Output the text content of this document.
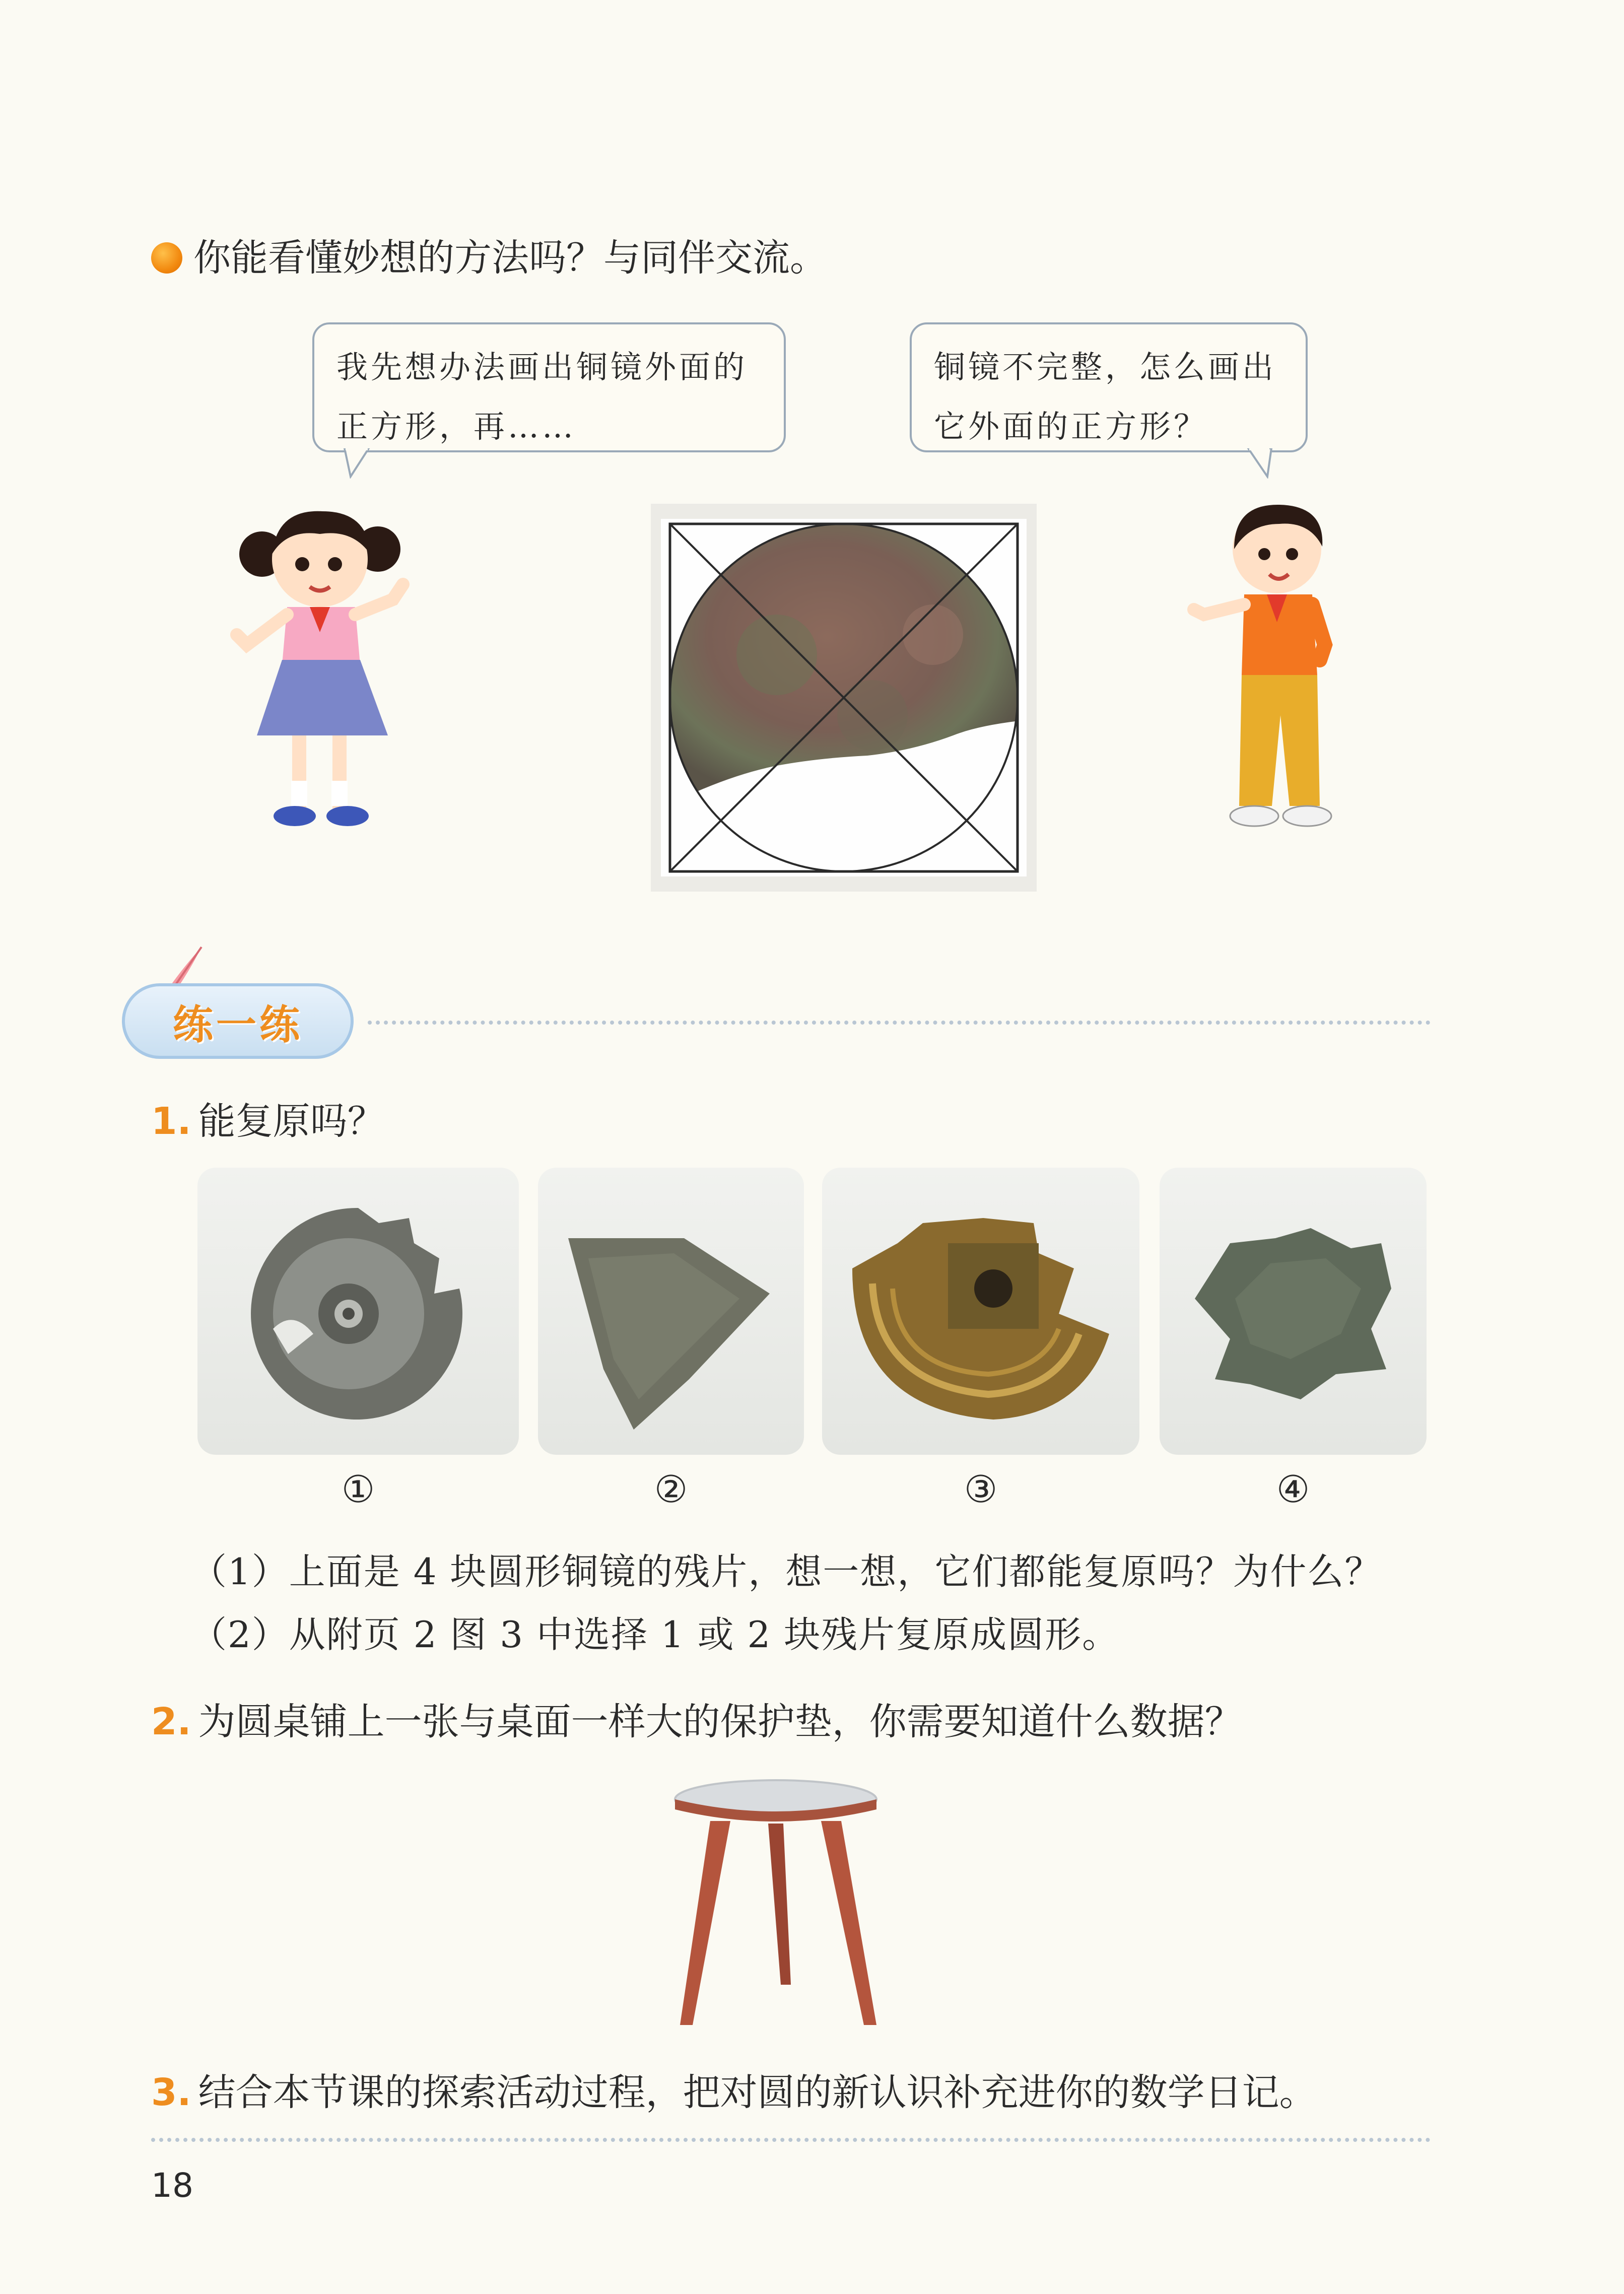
你能看懂妙想的方法吗？与同伴交流。
我先想办法画出铜镜外面的
正方形，再……
铜镜不完整，怎么画出
它外面的正方形？
练一练
1. 能复原吗？
①	②	③	④
（1）上面是 4 块圆形铜镜的残片，想一想，它们都能复原吗？为什么？
（2）从附页 2 图 3 中选择 1 或 2 块残片复原成圆形。
2. 为圆桌铺上一张与桌面一样大的保护垫，你需要知道什么数据？
3. 结合本节课的探索活动过程，把对圆的新认识补充进你的数学日记。
18
